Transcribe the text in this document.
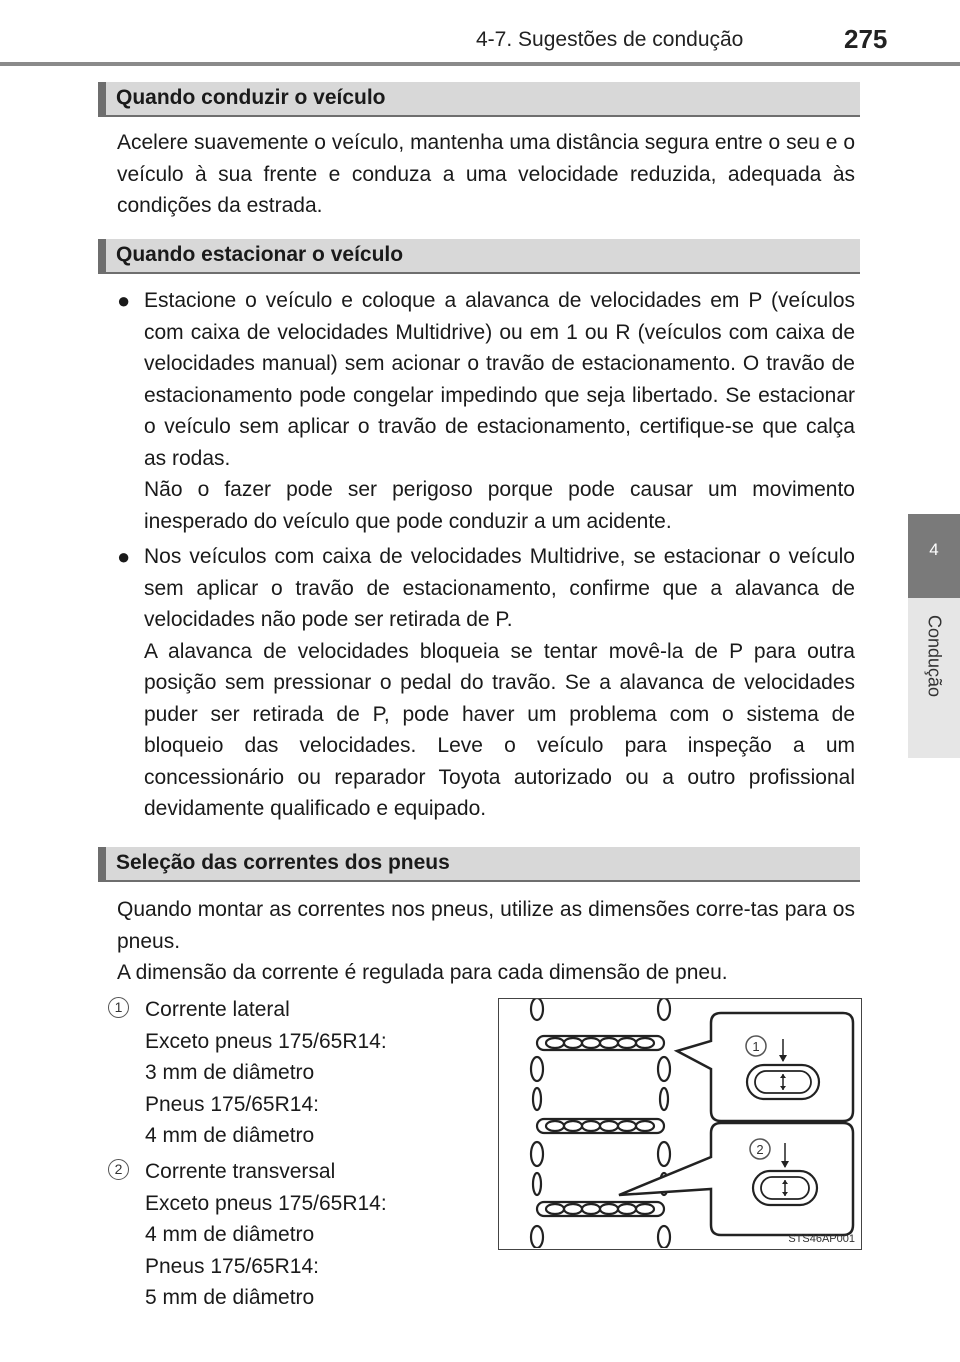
4-7. Sugestões de condução	275
4
Condução
Quando conduzir o veículo
Acelere suavemente o veículo, mantenha uma distância segura entre o seu e o veículo à sua frente e conduza a uma velocidade reduzida, adequada às condições da estrada.
Quando estacionar o veículo
● Estacione o veículo e coloque a alavanca de velocidades em P (veículos com caixa de velocidades Multidrive) ou em 1 ou R (veículos com caixa de velocidades manual) sem acionar o travão de estacionamento. O travão de estacionamento pode congelar impedindo que seja libertado. Se estacionar o veículo sem aplicar o travão de estacionamento, certifique-se que calça as rodas.
Não o fazer pode ser perigoso porque pode causar um movimento inesperado do veículo que pode conduzir a um acidente.
● Nos veículos com caixa de velocidades Multidrive, se estacionar o veículo sem aplicar o travão de estacionamento, confirme que a alavanca de velocidades não pode ser retirada de P.
A alavanca de velocidades bloqueia se tentar movê-la de P para outra posição sem pressionar o pedal do travão. Se a alavanca de velocidades puder ser retirada de P, pode haver um problema com o sistema de bloqueio das velocidades. Leve o veículo para inspeção a um concessionário ou reparador Toyota autorizado ou a outro profissional devidamente qualificado e equipado.
Seleção das correntes dos pneus
Quando montar as correntes nos pneus, utilize as dimensões corre-tas para os pneus.
A dimensão da corrente é regulada para cada dimensão de pneu.
1	Corrente lateral
Exceto pneus 175/65R14:
3 mm de diâmetro
Pneus 175/65R14:
4 mm de diâmetro
2	Corrente transversal
Exceto pneus 175/65R14:
4 mm de diâmetro
Pneus 175/65R14:
5 mm de diâmetro
1
2
STS46AP001
